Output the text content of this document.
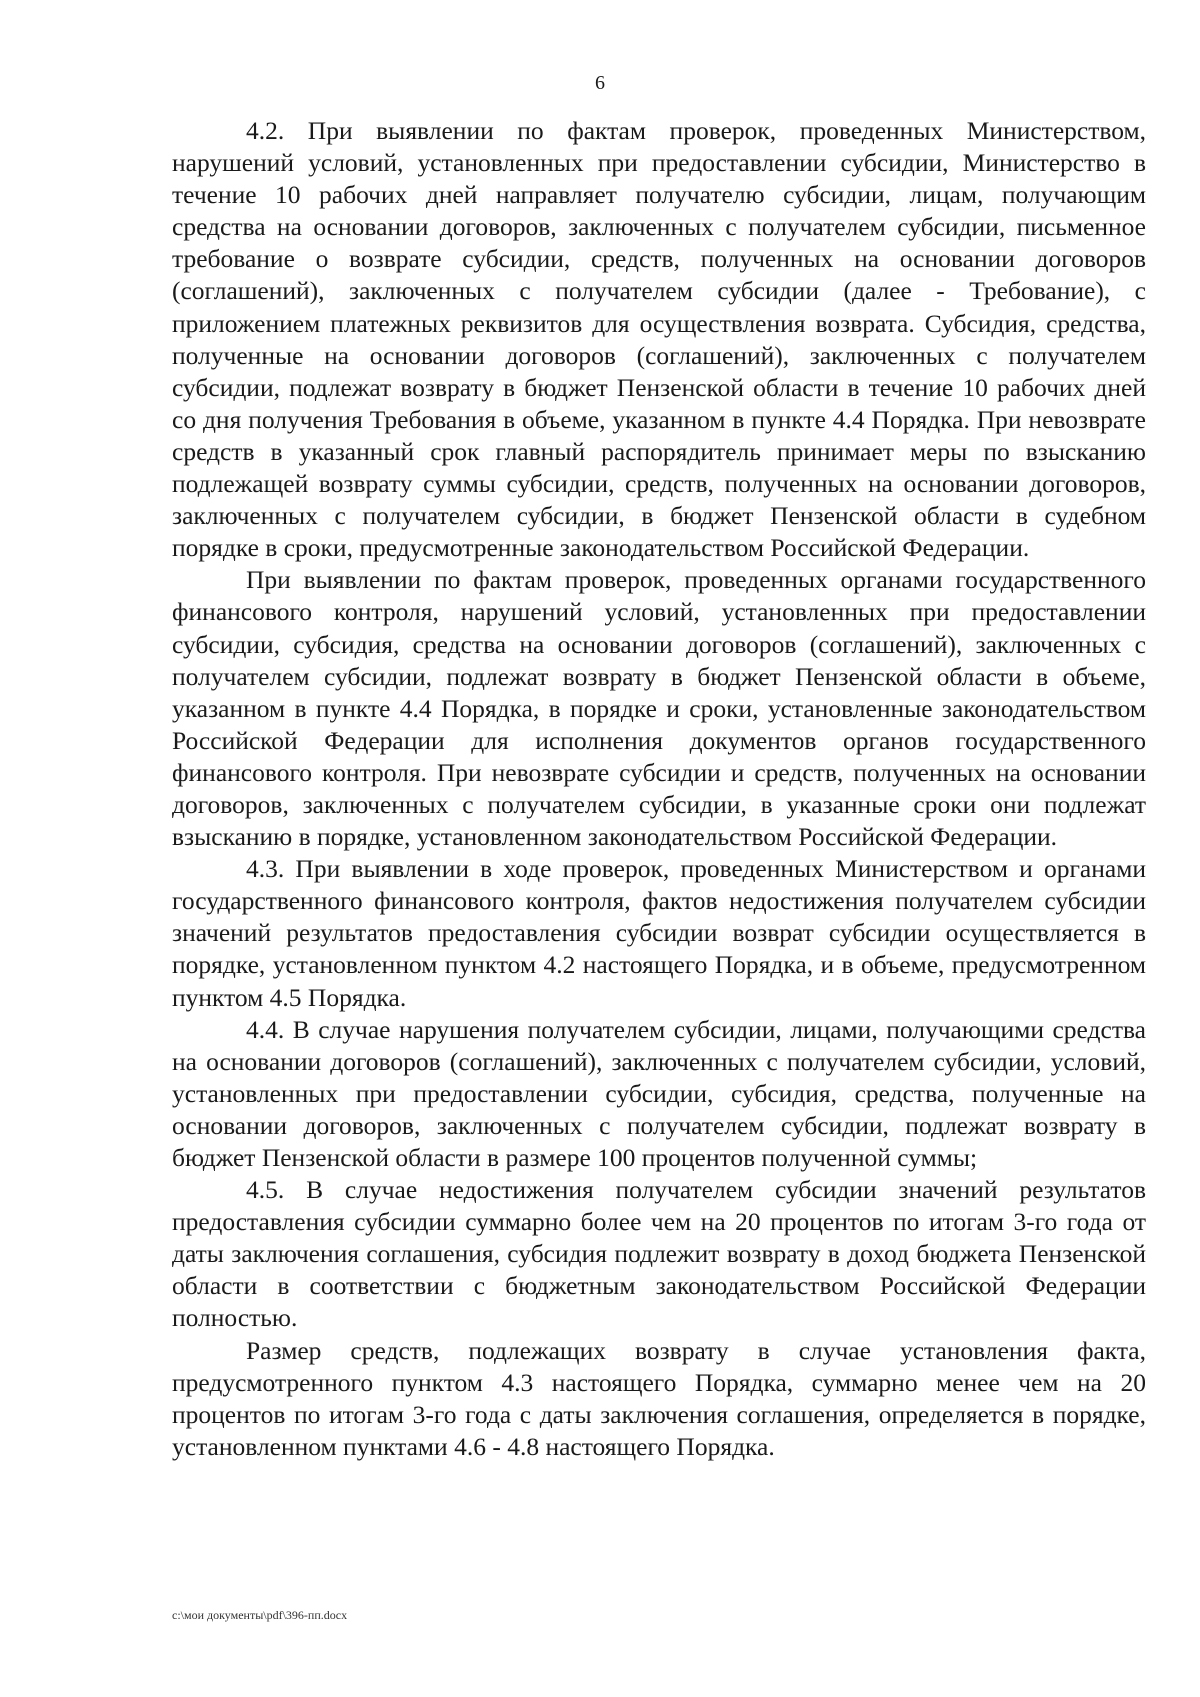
6

4.2. При выявлении по фактам проверок, проведенных Министерством, нарушений условий, установленных при предоставлении субсидии, Министерство в течение 10 рабочих дней направляет получателю субсидии, лицам, получающим средства на основании договоров, заключенных с получателем субсидии, письменное требование о возврате субсидии, средств, полученных на основании договоров (соглашений), заключенных с получателем субсидии (далее - Требование), с приложением платежных реквизитов для осуществления возврата. Субсидия, средства, полученные на основании договоров (соглашений), заключенных с получателем субсидии, подлежат возврату в бюджет Пензенской области в течение 10 рабочих дней со дня получения Требования в объеме, указанном в пункте 4.4 Порядка. При невозврате средств в указанный срок главный распорядитель принимает меры по взысканию подлежащей возврату суммы субсидии, средств, полученных на основании договоров, заключенных с получателем субсидии, в бюджет Пензенской области в судебном порядке в сроки, предусмотренные законодательством Российской Федерации.

При выявлении по фактам проверок, проведенных органами государственного финансового контроля, нарушений условий, установленных при предоставлении субсидии, субсидия, средства на основании договоров (соглашений), заключенных с получателем субсидии, подлежат возврату в бюджет Пензенской области в объеме, указанном в пункте 4.4 Порядка, в порядке и сроки, установленные законодательством Российской Федерации для исполнения документов органов государственного финансового контроля. При невозврате субсидии и средств, полученных на основании договоров, заключенных с получателем субсидии, в указанные сроки они подлежат взысканию в порядке, установленном законодательством Российской Федерации.

4.3. При выявлении в ходе проверок, проведенных Министерством и органами государственного финансового контроля, фактов недостижения получателем субсидии значений результатов предоставления субсидии возврат субсидии осуществляется в порядке, установленном пунктом 4.2 настоящего Порядка, и в объеме, предусмотренном пунктом 4.5 Порядка.

4.4. В случае нарушения получателем субсидии, лицами, получающими средства на основании договоров (соглашений), заключенных с получателем субсидии, условий, установленных при предоставлении субсидии, субсидия, средства, полученные на основании договоров, заключенных с получателем субсидии, подлежат возврату в бюджет Пензенской области в размере 100 процентов полученной суммы;

4.5. В случае недостижения получателем субсидии значений результатов предоставления субсидии суммарно более чем на 20 процентов по итогам 3-го года от даты заключения соглашения, субсидия подлежит возврату в доход бюджета Пензенской области в соответствии с бюджетным законодательством Российской Федерации полностью.

Размер средств, подлежащих возврату в случае установления факта, предусмотренного пунктом 4.3 настоящего Порядка, суммарно менее чем на 20 процентов по итогам 3-го года с даты заключения соглашения, определяется в порядке, установленном пунктами 4.6 - 4.8 настоящего Порядка.

c:\мои документы\pdf\396-пп.docx
